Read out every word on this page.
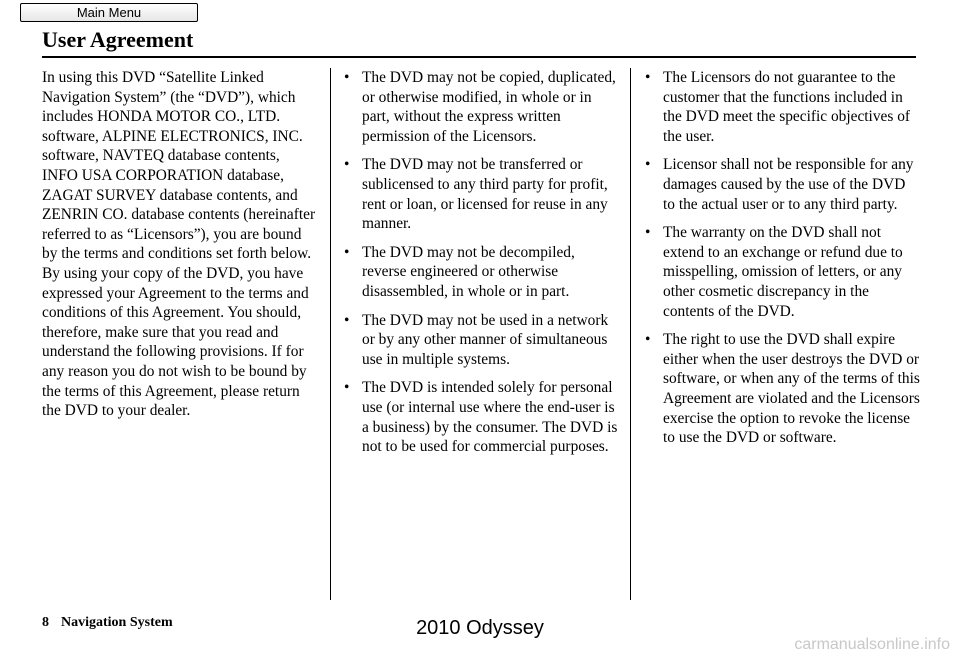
Main Menu
User Agreement

In using this DVD “Satellite Linked Navigation System” (the “DVD”), which includes HONDA MOTOR CO., LTD. software, ALPINE ELECTRONICS, INC. software, NAVTEQ database contents, INFO USA CORPORATION database, ZAGAT SURVEY database contents, and ZENRIN CO. database contents (hereinafter referred to as “Licensors”), you are bound by the terms and conditions set forth below.

By using your copy of the DVD, you have expressed your Agreement to the terms and conditions of this Agreement. You should, therefore, make sure that you read and understand the following provisions. If for any reason you do not wish to be bound by the terms of this Agreement, please return the DVD to your dealer.

• The DVD may not be copied, duplicated, or otherwise modified, in whole or in part, without the express written permission of the Licensors.
• The DVD may not be transferred or sublicensed to any third party for profit, rent or loan, or licensed for reuse in any manner.
• The DVD may not be decompiled, reverse engineered or otherwise disassembled, in whole or in part.
• The DVD may not be used in a network or by any other manner of simultaneous use in multiple systems.
• The DVD is intended solely for personal use (or internal use where the end-user is a business) by the consumer. The DVD is not to be used for commercial purposes.
• The Licensors do not guarantee to the customer that the functions included in the DVD meet the specific objectives of the user.
• Licensor shall not be responsible for any damages caused by the use of the DVD to the actual user or to any third party.
• The warranty on the DVD shall not extend to an exchange or refund due to misspelling, omission of letters, or any other cosmetic discrepancy in the contents of the DVD.
• The right to use the DVD shall expire either when the user destroys the DVD or software, or when any of the terms of this Agreement are violated and the Licensors exercise the option to revoke the license to use the DVD or software.
8 Navigation System	2010 Odyssey
carmanualsonline.info
